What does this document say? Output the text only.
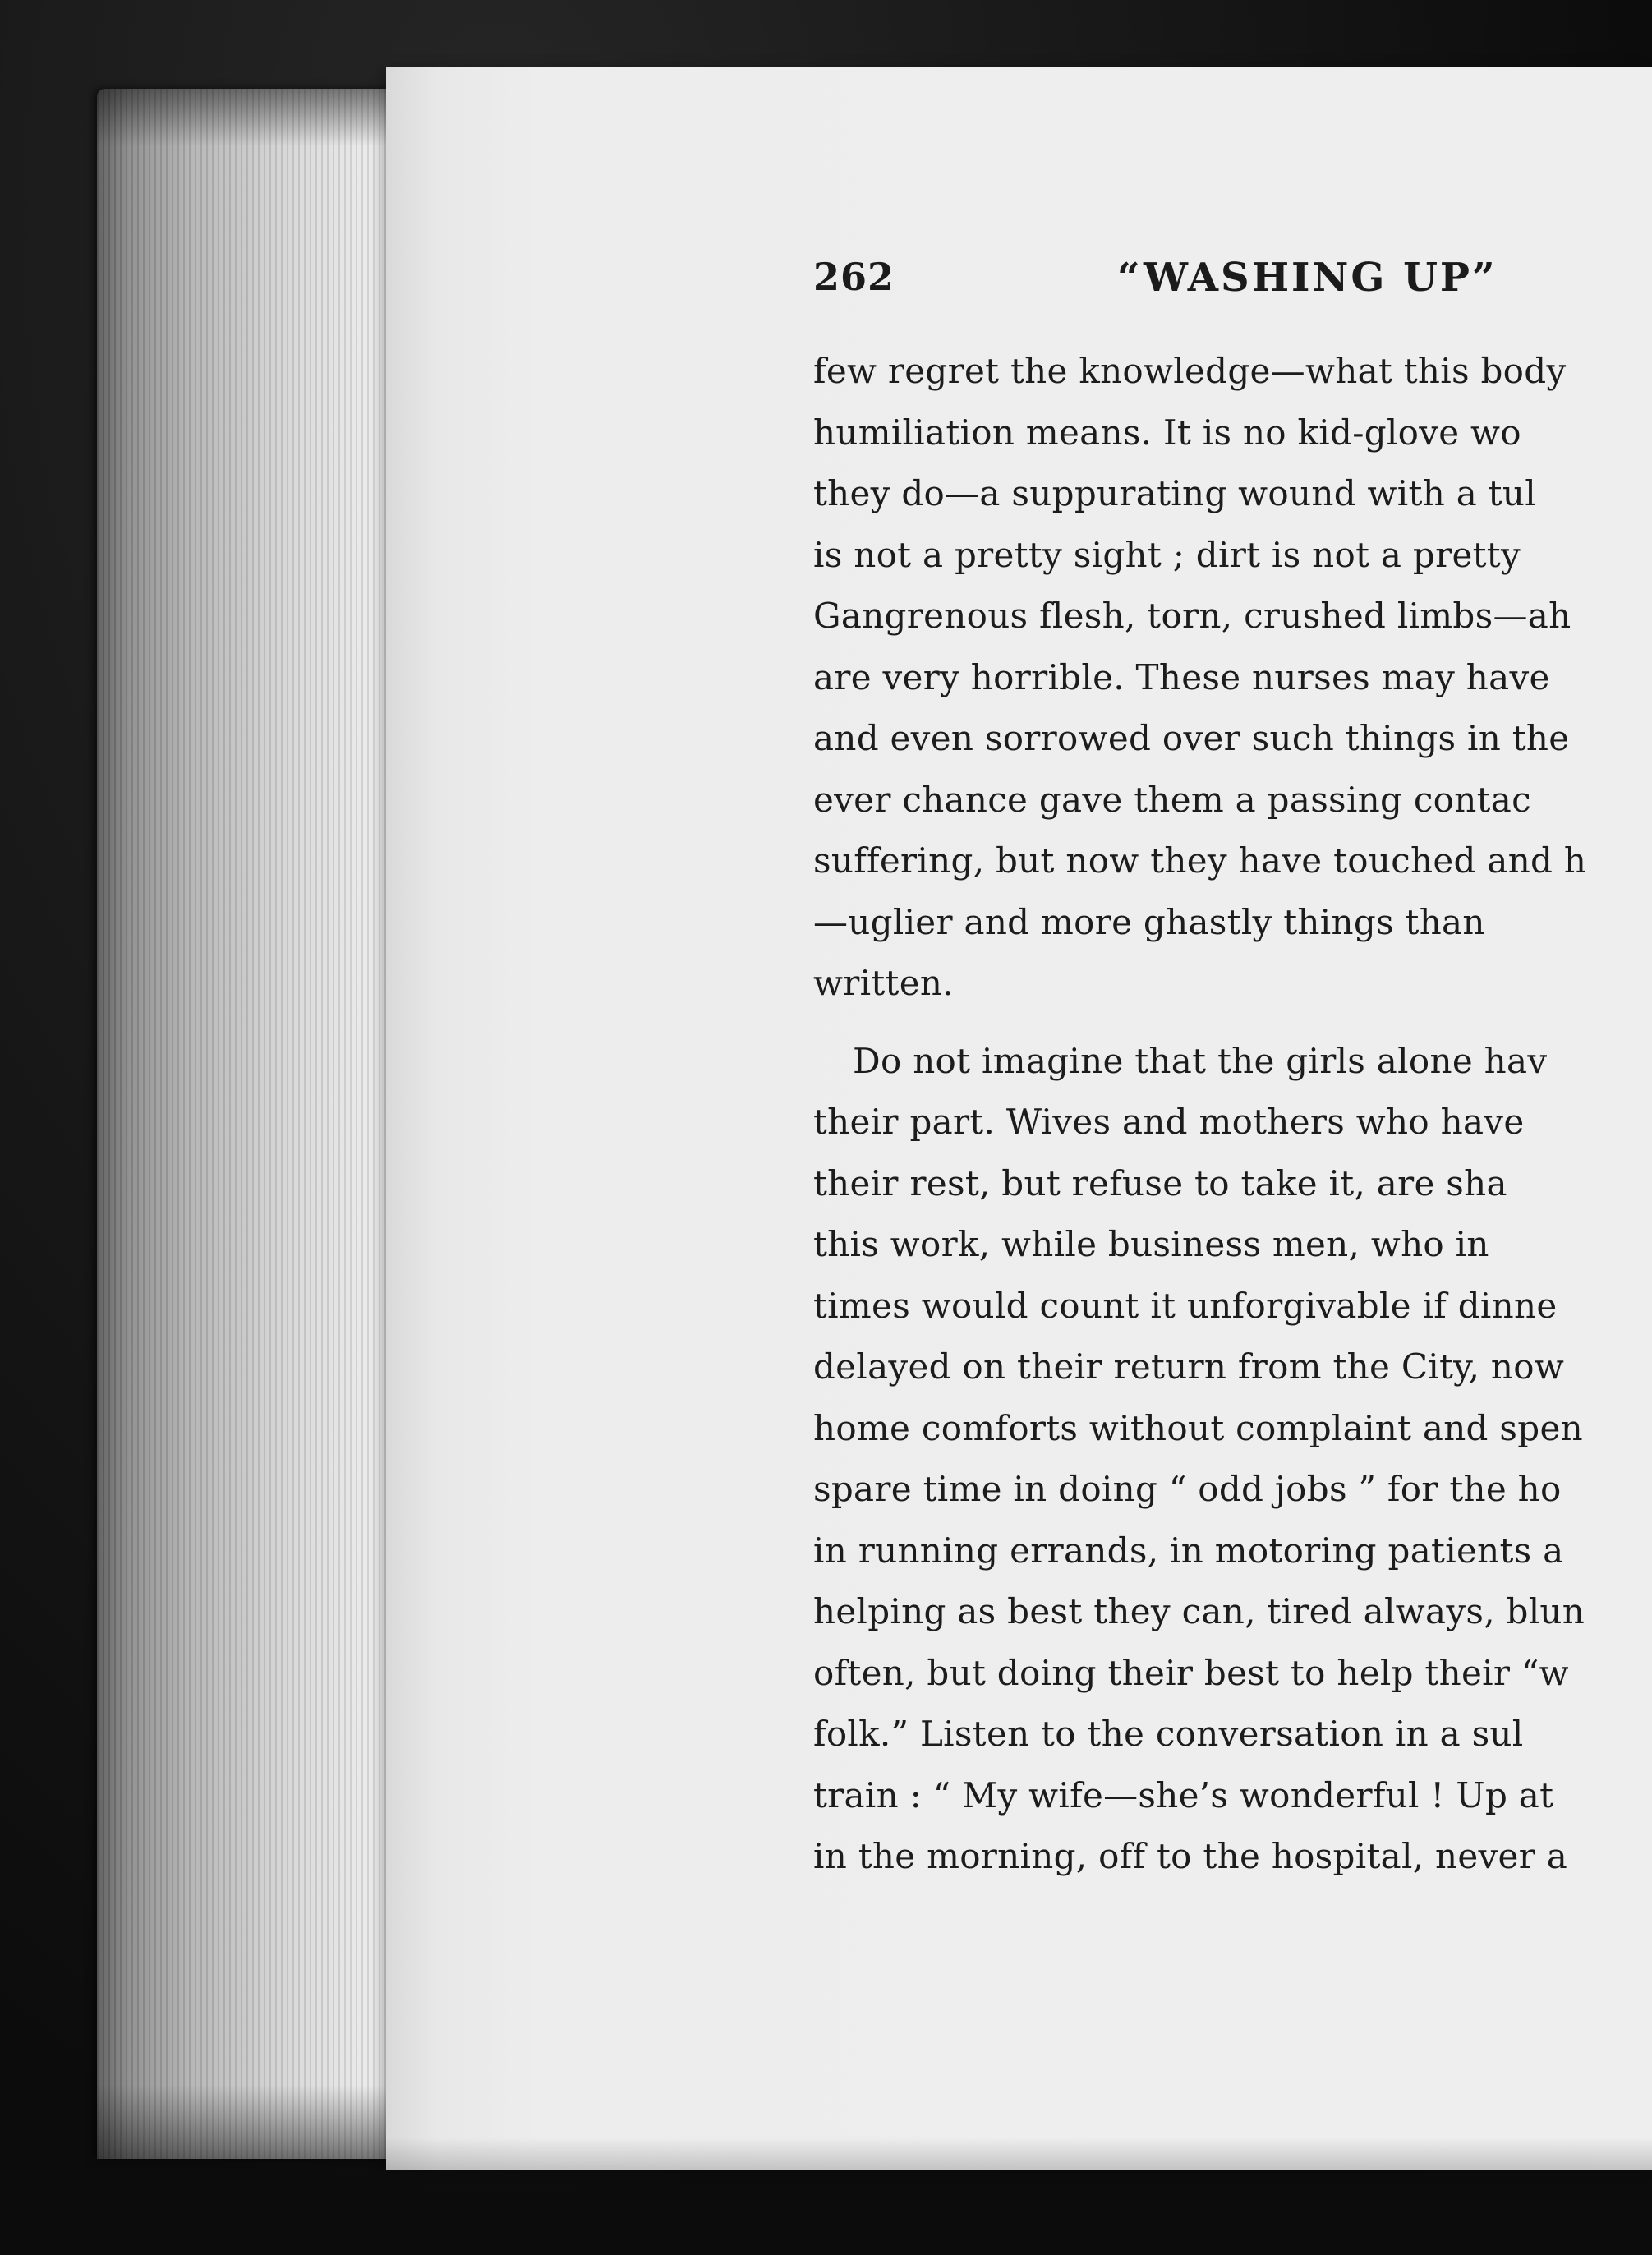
262	“WASHING UP”
few regret the knowledge—what this body
humiliation means. It is no kid-glove wo
they do—a suppurating wound with a tul
is not a pretty sight ; dirt is not a pretty
Gangrenous flesh, torn, crushed limbs—ah
are very horrible. These nurses may have
and even sorrowed over such things in the
ever chance gave them a passing contac
suffering, but now they have touched and h
—uglier and more ghastly things than
written.
Do not imagine that the girls alone hav
their part. Wives and mothers who have
their rest, but refuse to take it, are sha
this work, while business men, who in
times would count it unforgivable if dinne
delayed on their return from the City, now
home comforts without complaint and spen
spare time in doing “ odd jobs ” for the ho
in running errands, in motoring patients a
helping as best they can, tired always, blun
often, but doing their best to help their “w
folk.” Listen to the conversation in a sul
train : “ My wife—she’s wonderful ! Up at
in the morning, off to the hospital, never a
